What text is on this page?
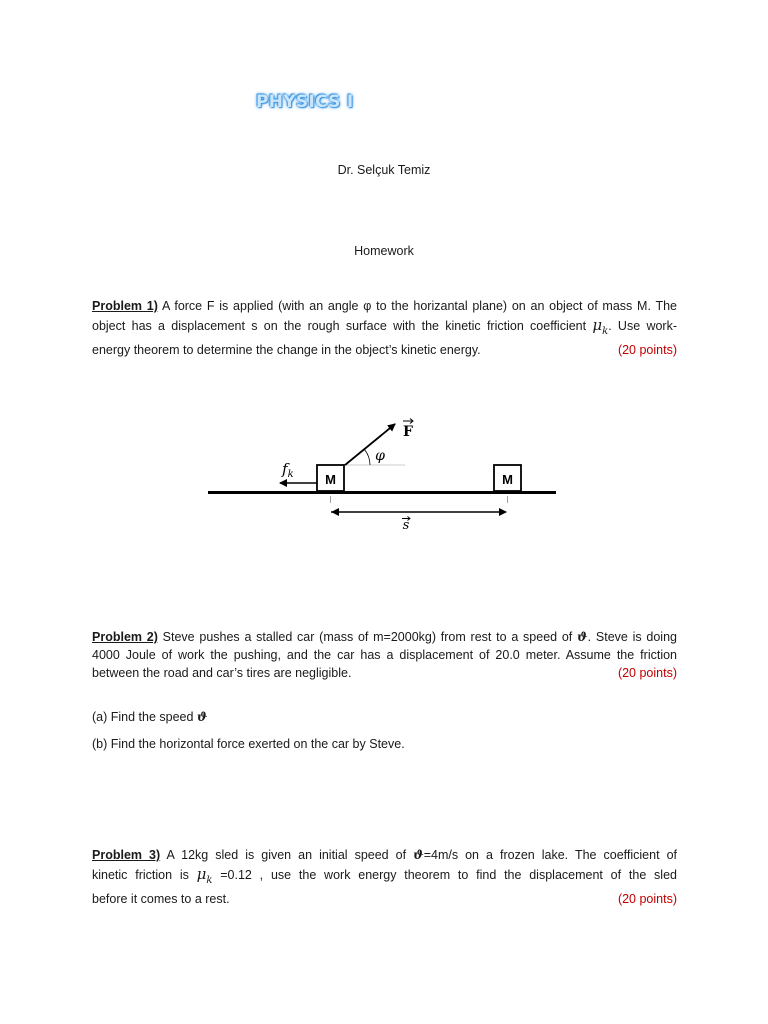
PHYSICS I
Dr. Selçuk Temiz
Homework
Problem 1) A force F is applied (with an angle φ to the horizantal plane) on an object of mass M. The
object has a displacement s on the rough surface with the kinetic friction coefficient $\mu_k$. Use work-
energy theorem to determine the change in the object’s kinetic energy.	(20 points)
M	M
F
φ
$f_k$
s
Problem 2) Steve pushes a stalled car (mass of m=2000kg) from rest to a speed of ϑ. Steve is doing
4000 Joule of work the pushing, and the car has a displacement of 20.0 meter. Assume the friction
between the road and car’s tires are negligible.	(20 points)
(a) Find the speed ϑ
(b) Find the horizontal force exerted on the car by Steve.
Problem 3) A 12kg sled is given an initial speed of ϑ=4m/s on a frozen lake. The coefficient of
kinetic friction is $\mu_k =0.12$ , use the work energy theorem to find the displacement of the sled
before it comes to a rest.	(20 points)
